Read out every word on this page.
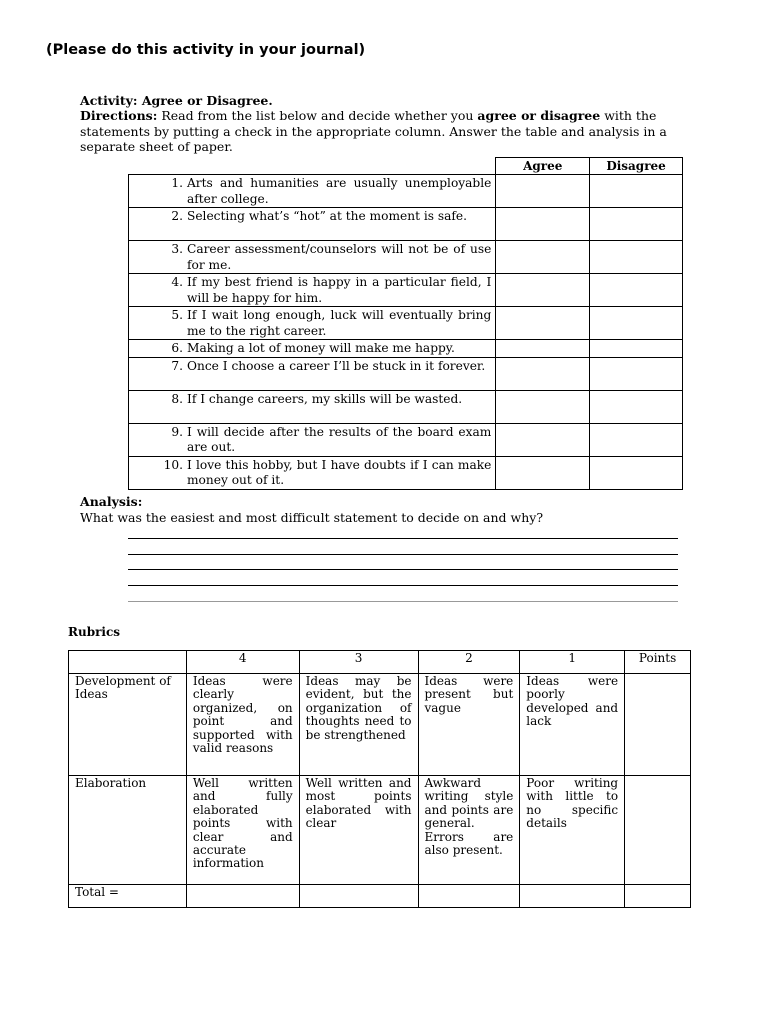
(Please do this activity in your journal)
Activity: Agree or Disagree.
Directions: Read from the list below and decide whether you agree or disagree with the statements by putting a check in the appropriate column. Answer the table and analysis in a separate sheet of paper.
	Agree	Disagree

1. Arts and humanities are usually unemployable after college.		

2. Selecting what’s “hot” at the moment is safe.		

3. Career assessment/counselors will not be of use for me.		

4. If my best friend is happy in a particular field, I will be happy for him.		

5. If I wait long enough, luck will eventually bring me to the right career.		

6. Making a lot of money will make me happy.		

7. Once I choose a career I’ll be stuck in it forever.		

8. If I change careers, my skills will be wasted.		

9. I will decide after the results of the board exam are out.		

10. I love this hobby, but I have doubts if I can make money out of it.		

Analysis:
What was the easiest and most difficult statement to decide on and why?
Rubrics
	4	3	2	1	Points
Development of Ideas	Ideas were clearly organized, on point and supported with valid reasons	Ideas may be evident, but the organization of thoughts need to be strengthened	Ideas were present but vague	Ideas were poorly developed and lack	
Elaboration	Well written and fully elaborated points with clear and accurate information	Well written and most points elaborated with clear	Awkward writing style and points are general. Errors are also present.	Poor writing with little to no specific details	
Total =					
